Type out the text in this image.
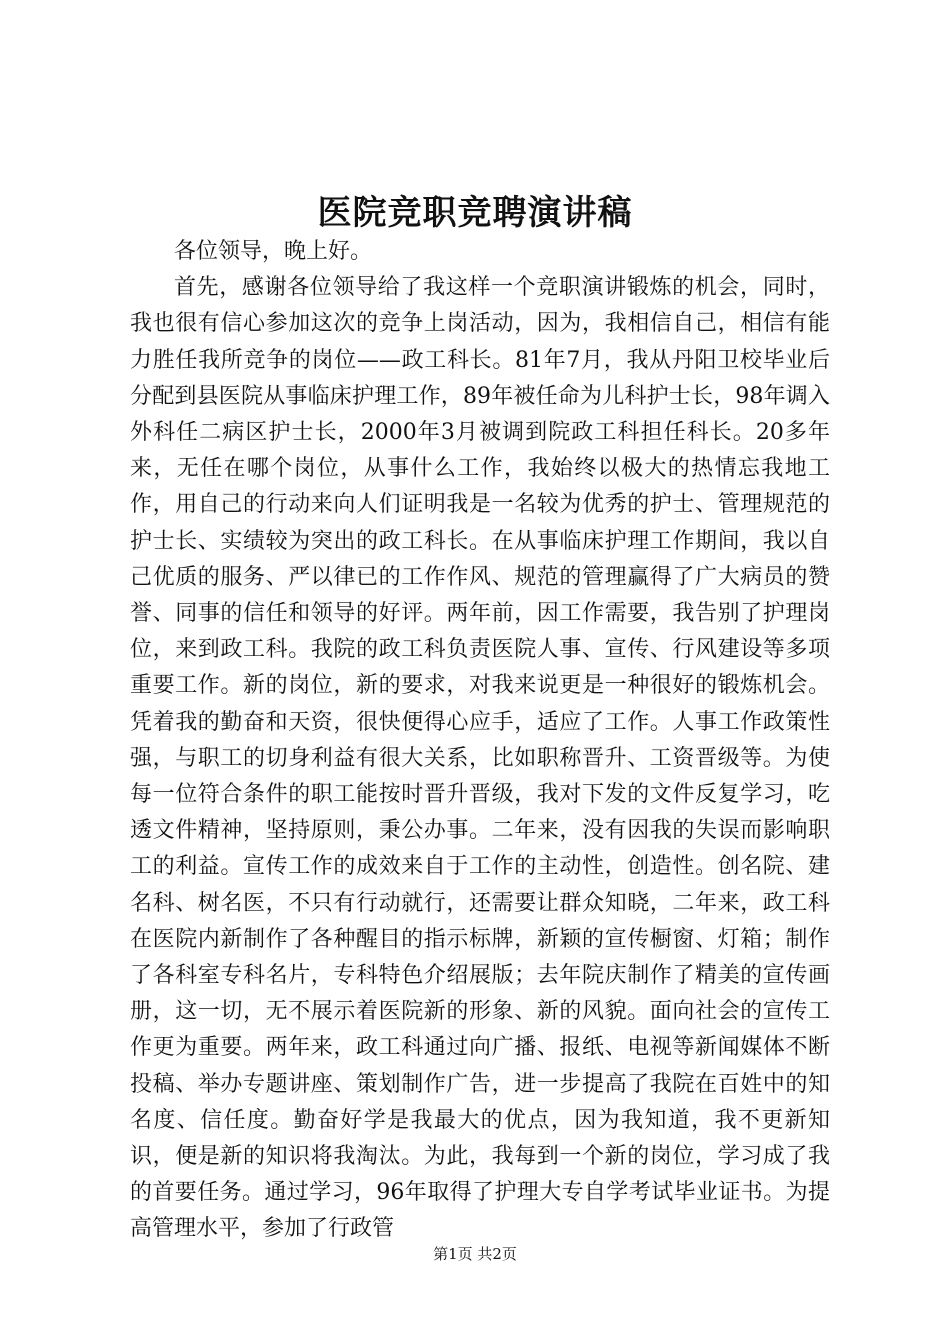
医院竞职竞聘演讲稿

各位领导，晚上好。

首先，感谢各位领导给了我这样一个竞职演讲锻炼的机会，同时，我也很有信心参加这次的竞争上岗活动，因为，我相信自己，相信有能力胜任我所竞争的岗位——政工科长。81年7月，我从丹阳卫校毕业后分配到县医院从事临床护理工作，89年被任命为儿科护士长，98年调入外科任二病区护士长，2000年3月被调到院政工科担任科长。20多年来，无任在哪个岗位，从事什么工作，我始终以极大的热情忘我地工作，用自己的行动来向人们证明我是一名较为优秀的护士、管理规范的护士长、实绩较为突出的政工科长。在从事临床护理工作期间，我以自己优质的服务、严以律已的工作作风、规范的管理赢得了广大病员的赞誉、同事的信任和领导的好评。两年前，因工作需要，我告别了护理岗位，来到政工科。我院的政工科负责医院人事、宣传、行风建设等多项重要工作。新的岗位，新的要求，对我来说更是一种很好的锻炼机会。凭着我的勤奋和天资，很快便得心应手，适应了工作。人事工作政策性强，与职工的切身利益有很大关系，比如职称晋升、工资晋级等。为使每一位符合条件的职工能按时晋升晋级，我对下发的文件反复学习，吃透文件精神，坚持原则，秉公办事。二年来，没有因我的失误而影响职工的利益。宣传工作的成效来自于工作的主动性，创造性。创名院、建名科、树名医，不只有行动就行，还需要让群众知晓，二年来，政工科在医院内新制作了各种醒目的指示标牌，新颖的宣传橱窗、灯箱；制作了各科室专科名片，专科特色介绍展版；去年院庆制作了精美的宣传画册，这一切，无不展示着医院新的形象、新的风貌。面向社会的宣传工作更为重要。两年来，政工科通过向广播、报纸、电视等新闻媒体不断投稿、举办专题讲座、策划制作广告，进一步提高了我院在百姓中的知名度、信任度。勤奋好学是我最大的优点，因为我知道，我不更新知识，便是新的知识将我淘汰。为此，我每到一个新的岗位，学习成了我的首要任务。通过学习，96年取得了护理大专自学考试毕业证书。为提高管理水平，参加了行政管

第1页 共2页
